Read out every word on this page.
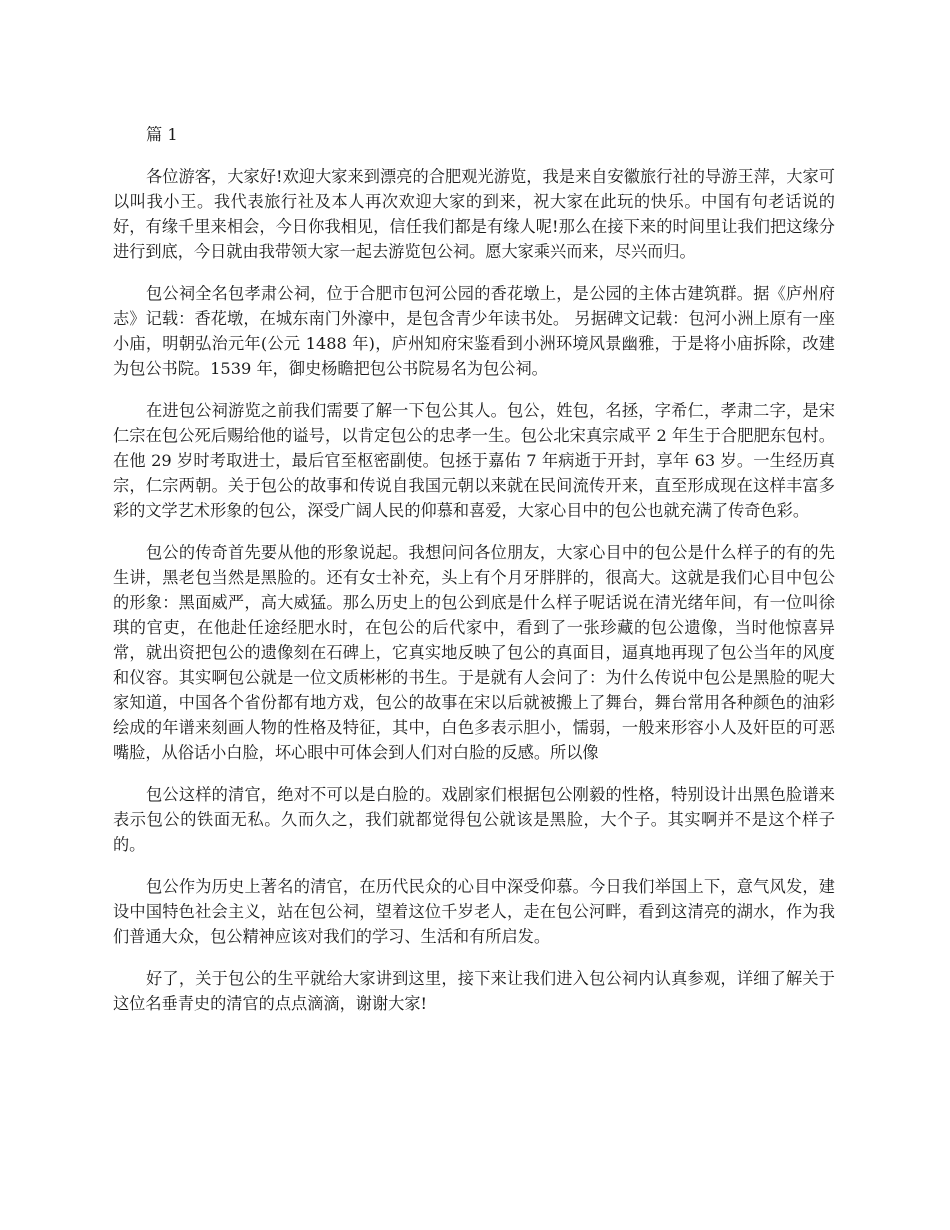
篇 1

各位游客，大家好!欢迎大家来到漂亮的合肥观光游览，我是来自安徽旅行社的导游王萍，大家可以叫我小王。我代表旅行社及本人再次欢迎大家的到来，祝大家在此玩的快乐。中国有句老话说的好，有缘千里来相会，今日你我相见，信任我们都是有缘人呢!那么在接下来的时间里让我们把这缘分进行到底，今日就由我带领大家一起去游览包公祠。愿大家乘兴而来，尽兴而归。

包公祠全名包孝肃公祠，位于合肥市包河公园的香花墩上，是公园的主体古建筑群。据《庐州府志》记载：香花墩，在城东南门外濠中，是包含青少年读书处。 另据碑文记载：包河小洲上原有一座小庙，明朝弘治元年(公元 1488 年)，庐州知府宋鉴看到小洲环境风景幽雅，于是将小庙拆除，改建为包公书院。1539 年，御史杨瞻把包公书院易名为包公祠。

在进包公祠游览之前我们需要了解一下包公其人。包公，姓包，名拯，字希仁，孝肃二字，是宋仁宗在包公死后赐给他的谥号，以肯定包公的忠孝一生。包公北宋真宗咸平 2 年生于合肥肥东包村。在他 29 岁时考取进士，最后官至枢密副使。包拯于嘉佑 7 年病逝于开封，享年 63 岁。一生经历真宗，仁宗两朝。关于包公的故事和传说自我国元朝以来就在民间流传开来，直至形成现在这样丰富多彩的文学艺术形象的包公，深受广阔人民的仰慕和喜爱，大家心目中的包公也就充满了传奇色彩。

包公的传奇首先要从他的形象说起。我想问问各位朋友，大家心目中的包公是什么样子的有的先生讲，黑老包当然是黑脸的。还有女士补充，头上有个月牙胖胖的，很高大。这就是我们心目中包公的形象：黑面威严，高大威猛。那么历史上的包公到底是什么样子呢话说在清光绪年间，有一位叫徐琪的官吏，在他赴任途经肥水时，在包公的后代家中，看到了一张珍藏的包公遗像，当时他惊喜异常，就出资把包公的遗像刻在石碑上，它真实地反映了包公的真面目，逼真地再现了包公当年的风度和仪容。其实啊包公就是一位文质彬彬的书生。于是就有人会问了：为什么传说中包公是黑脸的呢大家知道，中国各个省份都有地方戏，包公的故事在宋以后就被搬上了舞台，舞台常用各种颜色的油彩绘成的年谱来刻画人物的性格及特征，其中，白色多表示胆小，懦弱，一般来形容小人及奸臣的可恶嘴脸，从俗话小白脸，坏心眼中可体会到人们对白脸的反感。所以像

包公这样的清官，绝对不可以是白脸的。戏剧家们根据包公刚毅的性格，特别设计出黑色脸谱来表示包公的铁面无私。久而久之，我们就都觉得包公就该是黑脸，大个子。其实啊并不是这个样子的。

包公作为历史上著名的清官，在历代民众的心目中深受仰慕。今日我们举国上下，意气风发，建设中国特色社会主义，站在包公祠，望着这位千岁老人，走在包公河畔，看到这清亮的湖水，作为我们普通大众，包公精神应该对我们的学习、生活和有所启发。

好了，关于包公的生平就给大家讲到这里，接下来让我们进入包公祠内认真参观，详细了解关于这位名垂青史的清官的点点滴滴，谢谢大家!
